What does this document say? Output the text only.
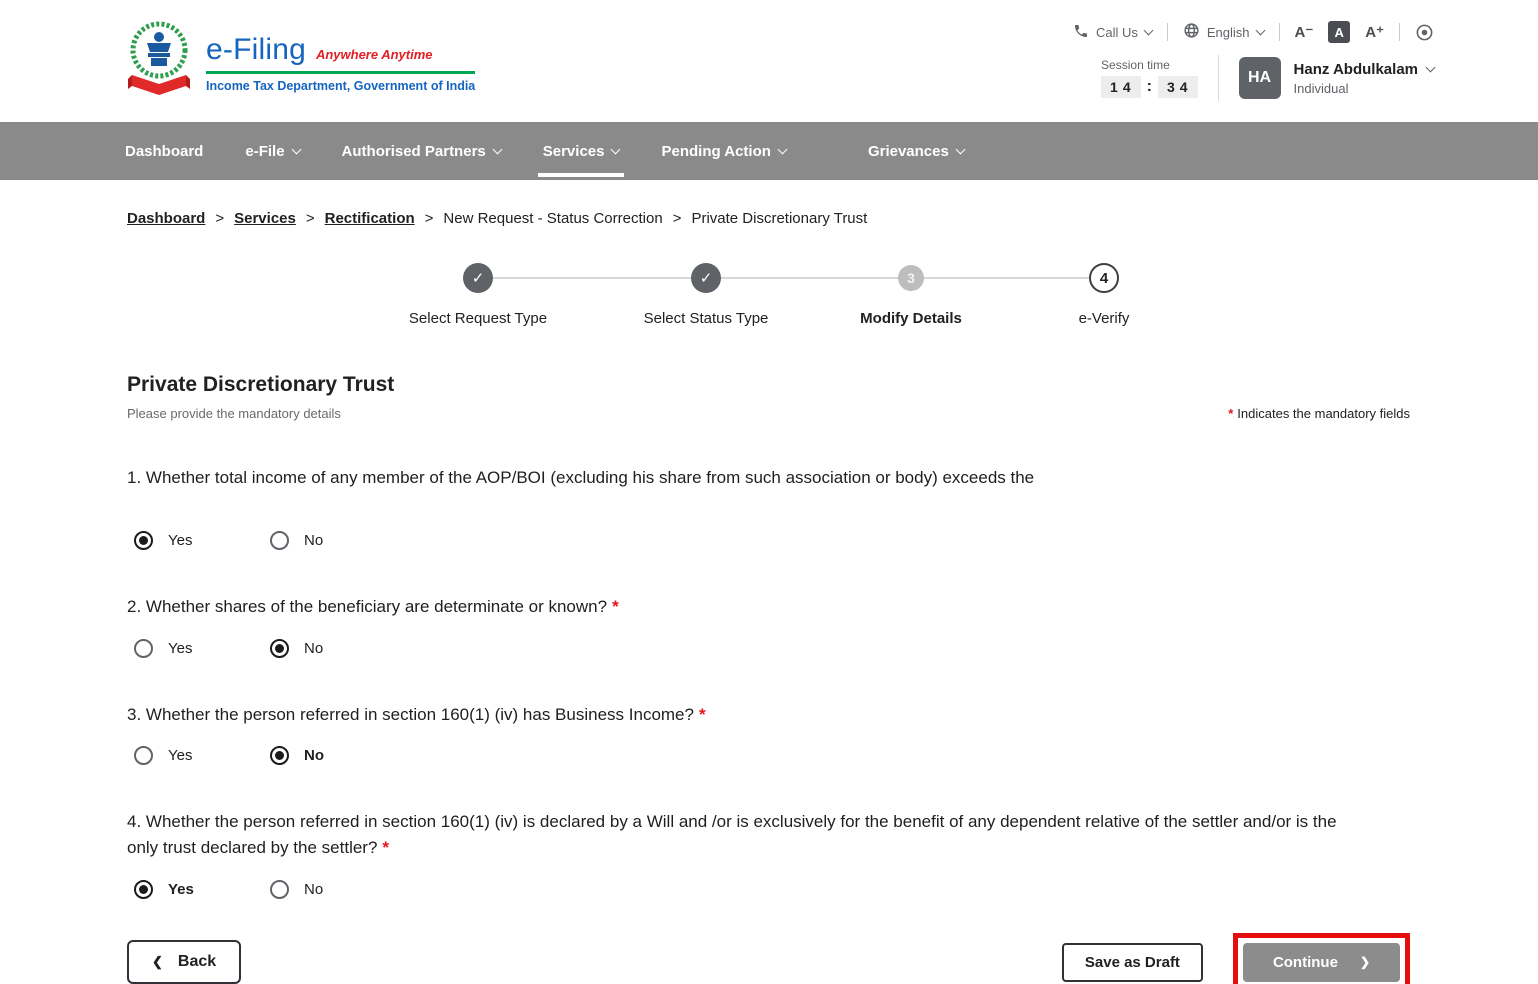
e-Filing Anywhere Anytime
Income Tax Department, Government of India
Call Us	English	A⁻	A	A⁺
Session time
14 :	34
HA	Hanz Abdulkalam
Individual
Dashboard	e-File	Authorised Partners	Services	Pending Action	Grievances
Dashboard > Services > Rectification > New Request - Status Correction > Private Discretionary Trust
✓
Select Request Type
✓
Select Status Type
3
Modify Details
4
e-Verify
Private Discretionary Trust
Please provide the mandatory details	* Indicates the mandatory fields
1. Whether total income of any member of the AOP/BOI (excluding his share from such association or body) exceeds the
Yes	No
2. Whether shares of the beneficiary are determinate or known? *
Yes	No
3. Whether the person referred in section 160(1) (iv) has Business Income? *
Yes	No
4. Whether the person referred in section 160(1) (iv) is declared by a Will and /or is exclusively for the benefit of any dependent relative of the settler and/or is the only trust declared by the settler? *
Yes	No
❮ Back	Save as Draft	Continue ❯
